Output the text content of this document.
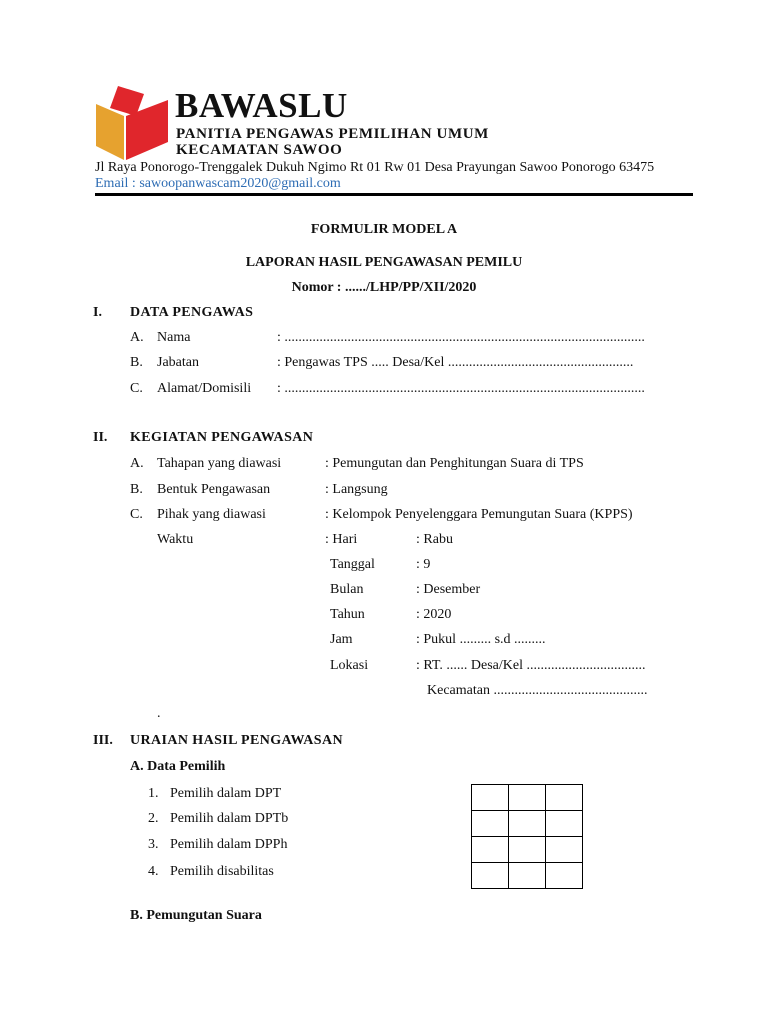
BAWASLU
PANITIA PENGAWAS PEMILIHAN UMUM
KECAMATAN SAWOO
Jl Raya Ponorogo-Trenggalek Dukuh Ngimo Rt 01 Rw 01 Desa Prayungan Sawoo Ponorogo 63475
Email : sawoopanwascam2020@gmail.com
FORMULIR MODEL A
LAPORAN HASIL PENGAWASAN PEMILU
Nomor : ....../LHP/PP/XII/2020
I. DATA PENGAWAS
A. Nama	: .......................................................................................................
B. Jabatan	: Pengawas TPS ..... Desa/Kel .....................................................
C. Alamat/Domisili : .......................................................................................................
II. KEGIATAN PENGAWASAN
A. Tahapan yang diawasi	: Pemungutan dan Penghitungan Suara di TPS
B. Bentuk Pengawasan	: Langsung
C. Pihak yang diawasi	: Kelompok Penyelenggara Pemungutan Suara (KPPS)
Waktu	: Hari	: Rabu
Tanggal	: 9
Bulan	: Desember
Tahun	: 2020
Jam	: Pukul ......... s.d .........
Lokasi	: RT. ...... Desa/Kel ..................................
Kecamatan ............................................
.
III. URAIAN HASIL PENGAWASAN
A. Data Pemilih
1. Pemilih dalam DPT
2. Pemilih dalam DPTb
3. Pemilih dalam DPPh
4. Pemilih disabilitas

B. Pemungutan Suara
